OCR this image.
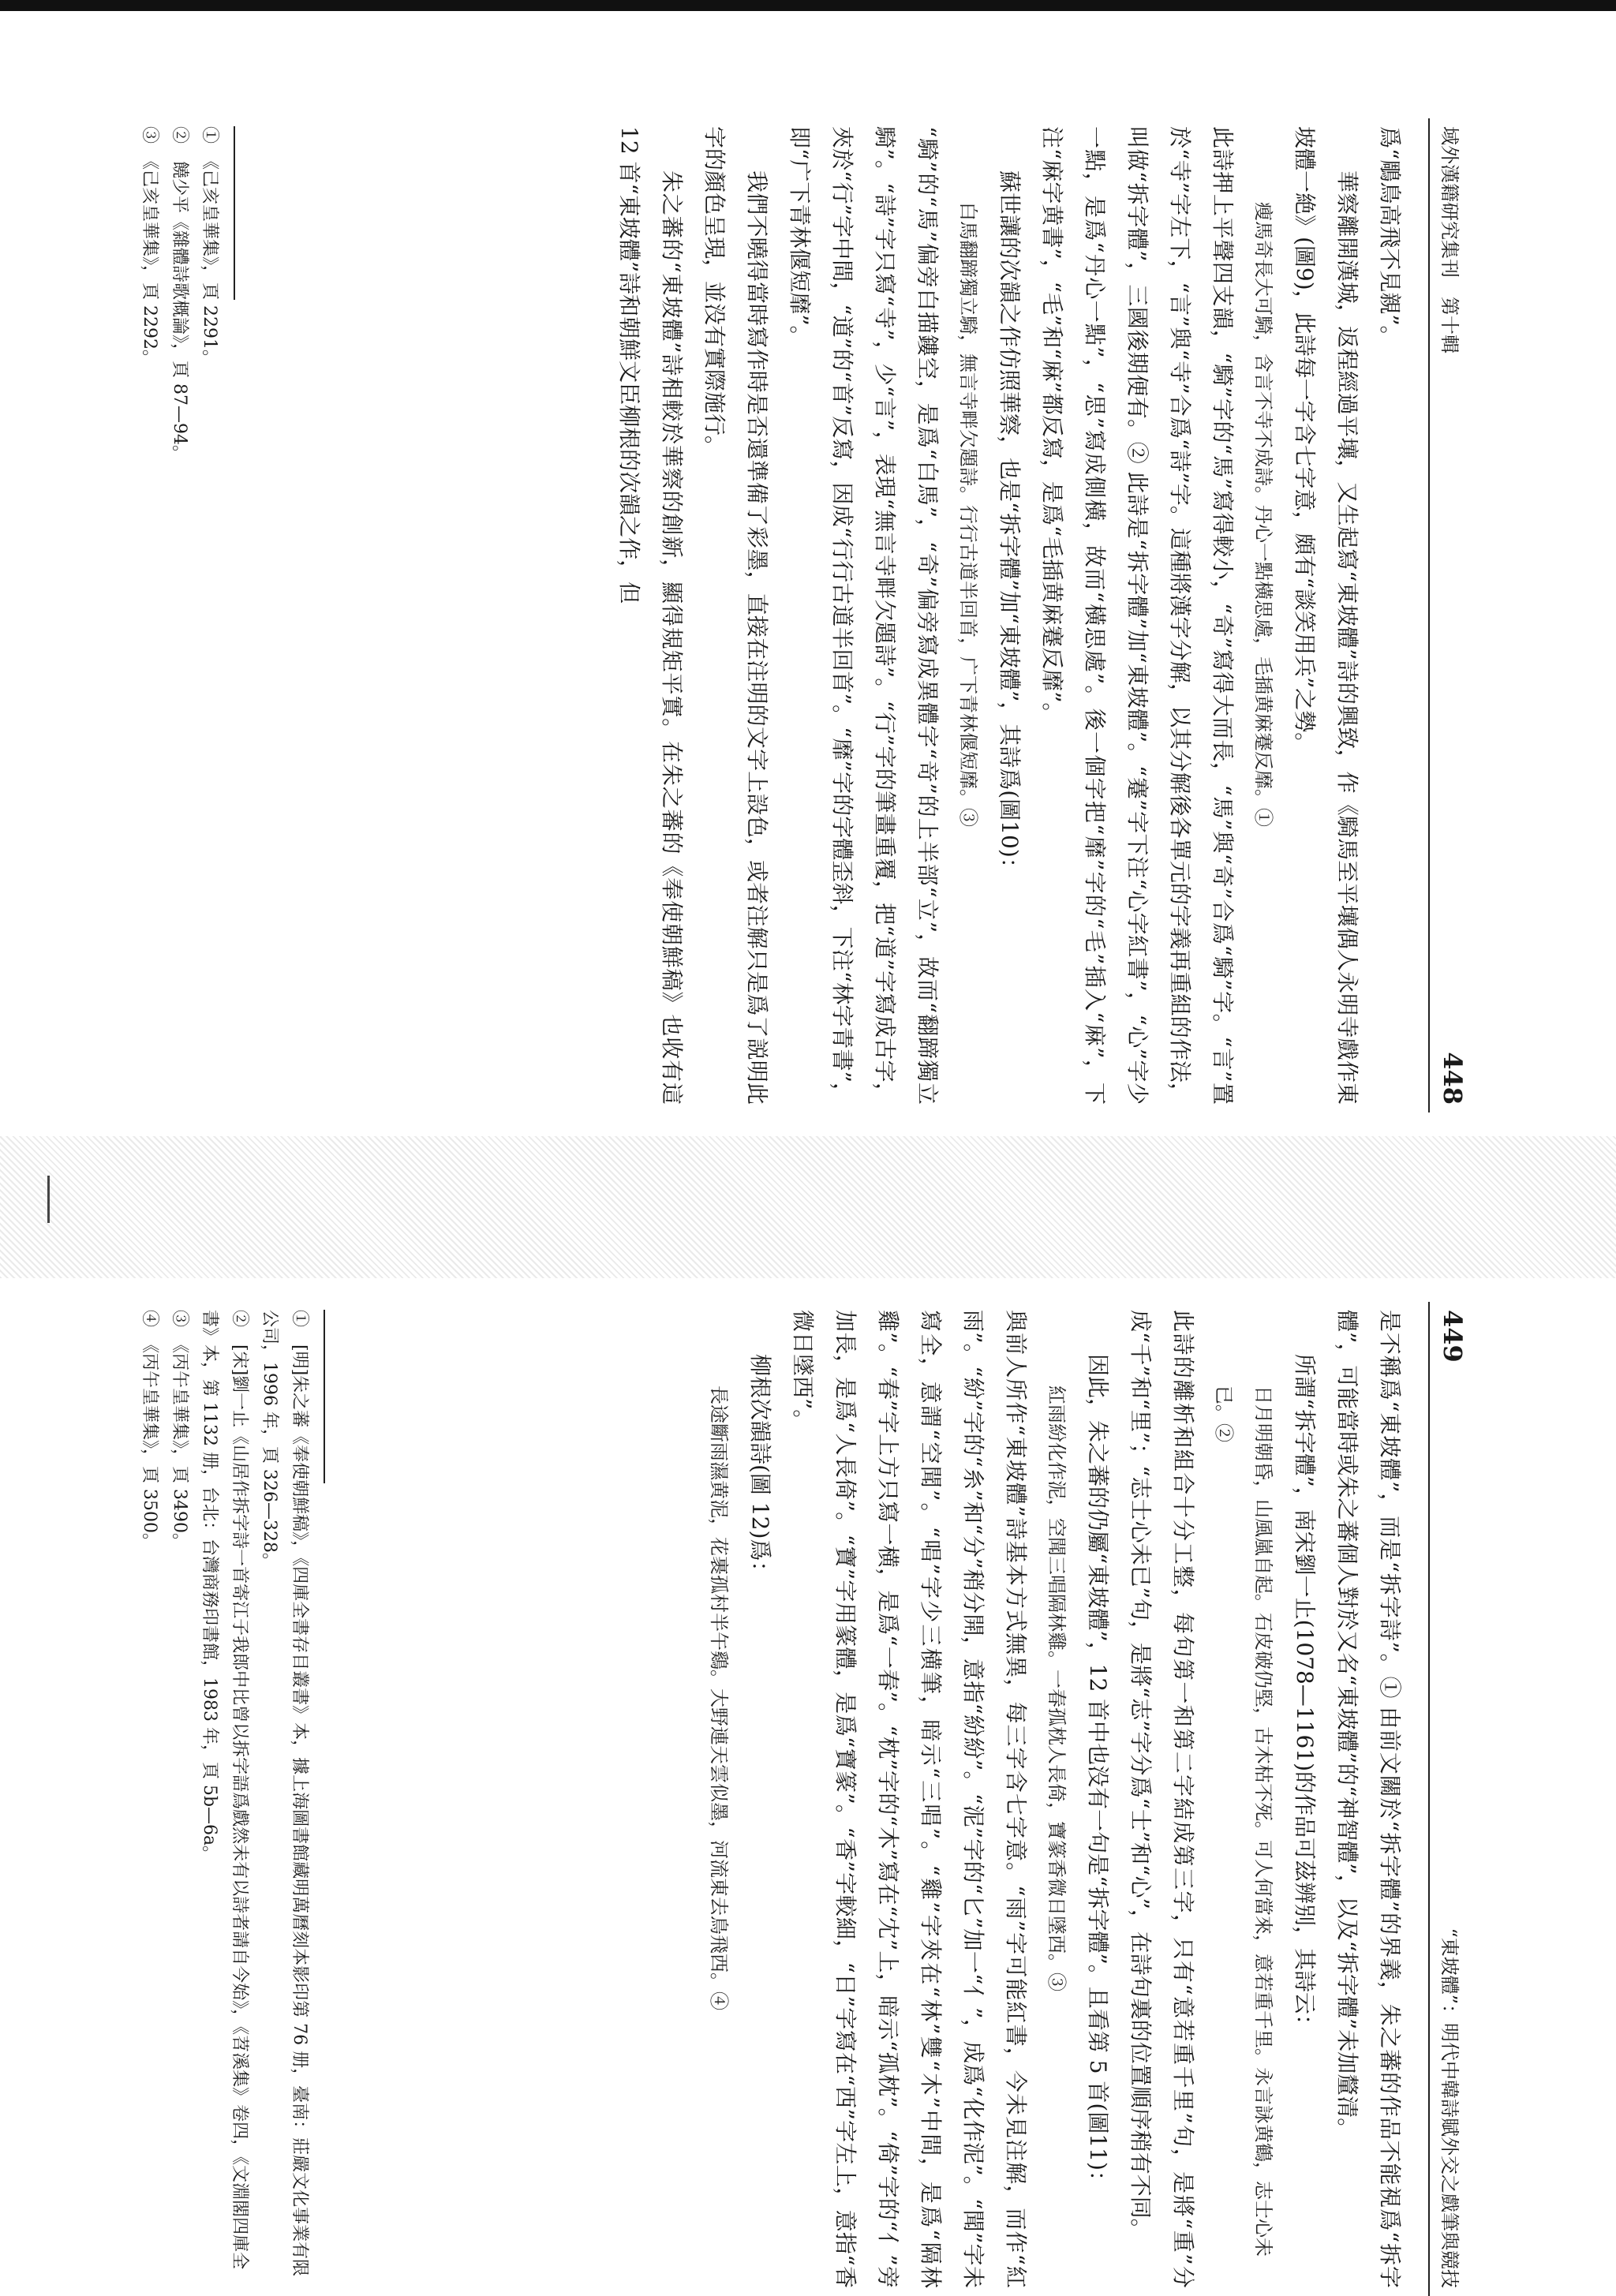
域外漢籍研究集刊　第十輯
448

爲“鵰鳥高飛不見親”。

華察離開漢城，返程經過平壤，又生起寫“東坡體”詩的興致，作《騎馬至平壤偶人永明寺戲作東坡體一絶》(圖9)，此詩每一字含七字意，頗有“談笑用兵”之勢。

瘦馬奇長大可騎，含言不寺不成詩。丹心一點橫思處，毛插黄麻蹇反靡。①

此詩押上平聲四支韻，“騎”字的“馬”寫得較小，“奇”寫得大而長，“馬”與“奇”合爲“騎”字。“言”置於“寺”字左下，“言”與“寺”合爲“詩”字。這種將漢字分解，以其分解後各單元的字義再重組的作法，叫做“拆字體”，三國後期便有。② 此詩是“拆字體”加“東坡體”。“蹇”字下注“心字紅書”，“心”字少一點，是爲“丹心一點”，“思”寫成側橫，故而“橫思處”。後一個字把“靡”字的“毛”插入“麻”，下注“麻字黄書”，“毛”和“麻”都反寫，是爲“毛插黄麻蹇反靡”。

蘇世讓的次韻之作仿照華察，也是“拆字體”加“東坡體”，其詩爲(圖10)：

白馬翻蹄獨立騎，無言寺畔欠題詩。行行古道半回首，广下青林偃短靡。③

“騎”的“馬”偏旁白描鏤空，是爲“白馬”，“奇”偏旁寫成異體字“竒”的上半部“立”，故而“翻蹄獨立騎”。“詩”字只寫“寺”，少“言”，表現“無言寺畔欠題詩”。“行”字的筆畫重覆，把“道”字寫成古字，夾於“行”字中間，“道”的“首”反寫，因成“行行古道半回首”。“靡”字的字體歪斜，下注“林字青書”，即“广下青林偃短靡”。

我們不曉得當時寫作時是否還準備了彩墨，直接在注明的文字上設色，或者注解只是爲了説明此字的顏色呈現，並没有實際施行。

朱之蕃的“東坡體”詩相較於華察的創新，顯得規矩平實。在朱之蕃的《奉使朝鮮稿》也收有這 12 首“東坡體”詩和朝鮮文臣柳根的次韻之作，但

①　《己亥皇華集》，頁 2291。

②　饒少平《雜體詩歌概論》，頁 87—94。

③　《己亥皇華集》，頁 2292。

449
“東坡體”：明代中韓詩賦外交之戲筆與競技

是不稱爲“東坡體”，而是“拆字詩”。① 由前文關於“拆字體”的界義，朱之蕃的作品不能視爲“拆字體”，可能當時或朱之蕃個人對於又名“東坡體”的“神智體”，以及“拆字體”未加釐清。

所謂“拆字體”，南宋劉一止(1078—1161)的作品可茲辨别，其詩云：

日月明朝昏，山風嵐自起。石皮破仍堅，古木枯不死。可人何當來，意若重千里。永言詠黄鶴，志士心未已。②

此詩的離析和組合十分工整，每句第一和第二字結成第三字，只有“意若重千里”句，是將“重”分成“千”和“里”；“志士心未已”句，是將“志”字分爲“士”和“心”，在詩句裏的位置順序稍有不同。

因此，朱之蕃的仍屬“東坡體”，12 首中也没有一句是“拆字體”。且看第 5 首(圖11)：

紅雨紛化作泥，空聞三唱隔林雞。一春孤枕人長倚，寶篆香微日墜西。③

與前人所作“東坡體”詩基本方式無異，每三字含七字意。“雨”字可能紅書，今未見注解，而作“紅雨”。“紛”字的“糸”和“分”稍分開，意指“紛紛”。“泥”字的“匕”加一“亻”，成爲“化作泥”。“聞”字未寫全，意謂“空聞”。“唱”字少三横筆，暗示“三唱”。“雞”字夾在“林”雙“木”中間，是爲“隔林雞”。“春”字上方只寫一横，是爲“一春”。“枕”字的“木”寫在“冘”上，暗示“孤枕”。“倚”字的“亻”旁加長，是爲“人長倚”。“寶”字用篆體，是爲“寶篆”。“香”字較細，“日”字寫在“西”字左上，意指“香微日墜西”。

柳根次韻詩(圖 12)爲：

長途斷雨濕黄泥，花裹孤村半午鷄。大野連天雲似墨，河流東去鳥飛西。④

①　[明]朱之蕃《奉使朝鮮稿》，《四庫全書存目叢書》本，據上海圖書館藏明萬曆刻本影印第 76 册，臺南：莊嚴文化事業有限公司，1996 年，頁 326—328。

②　[宋]劉一止《山居作拆字詩一首寄江子我郎中比曾以拆字語爲戲然未有以詩者請自今始》，《苕溪集》卷四，《文淵閣四庫全書》本，第 1132 册，台北：台灣商務印書館，1983 年，頁 5b—6a。

③　《丙午皇華集》，頁 3490。

④　《丙午皇華集》，頁 3500。
